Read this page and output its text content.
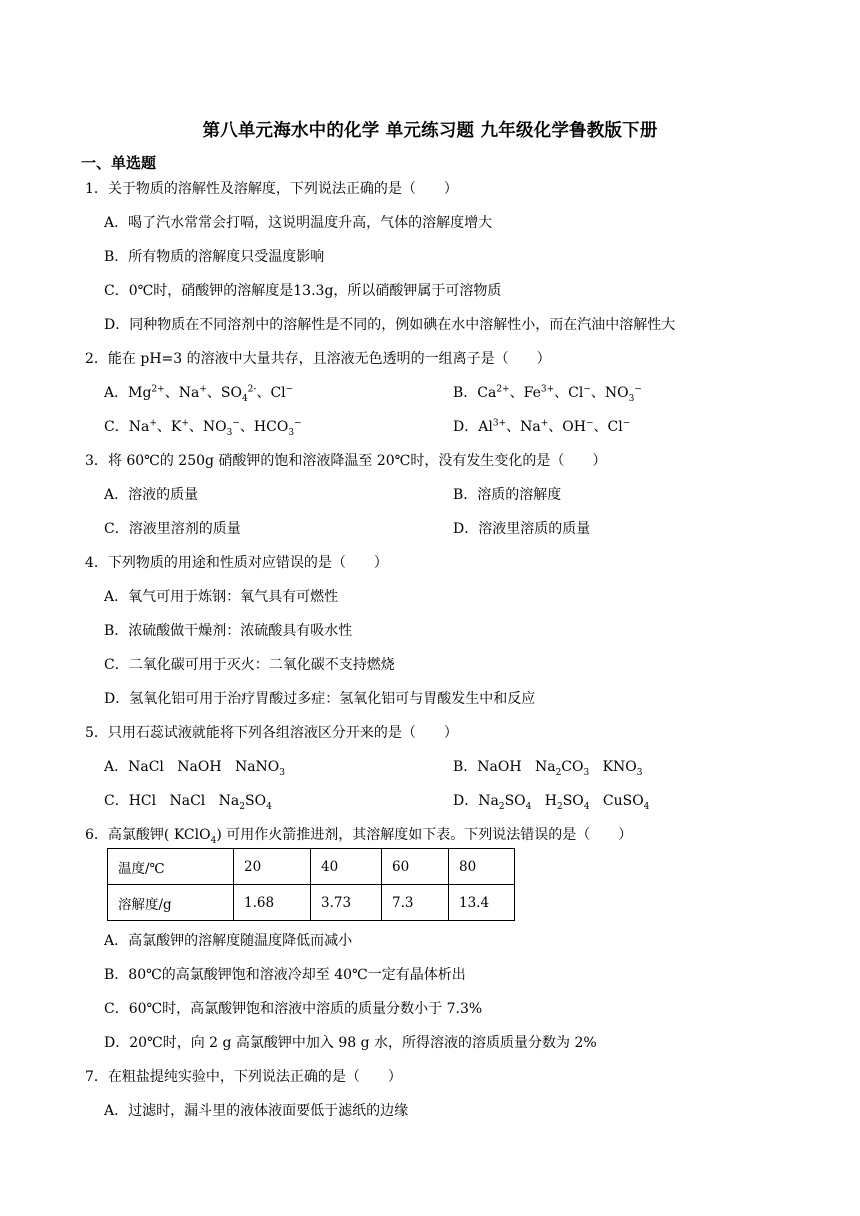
第八单元海水中的化学 单元练习题 九年级化学鲁教版下册
一、单选题
1．关于物质的溶解性及溶解度，下列说法正确的是（　　）
A．喝了汽水常常会打嗝，这说明温度升高，气体的溶解度增大
B．所有物质的溶解度只受温度影响
C．0℃时，硝酸钾的溶解度是13.3g，所以硝酸钾属于可溶物质
D．同种物质在不同溶剂中的溶解性是不同的，例如碘在水中溶解性小，而在汽油中溶解性大
2．能在 pH=3 的溶液中大量共存，且溶液无色透明的一组离子是（　　）
A．$Mg^{2+}$、Na+、$SO_4^{2-}$、Cl−	B．$Ca^{2+}$、$Fe^{3+}$、Cl−、$NO_3^-$
C．Na+、K+、$NO_3^-$、$HCO_3^-$	D．$Al^{3+}$、Na+、OH−、Cl−
3．将 60℃的 250g 硝酸钾的饱和溶液降温至 20℃时，没有发生变化的是（　　）
A．溶液的质量	B．溶质的溶解度
C．溶液里溶剂的质量	D．溶液里溶质的质量
4．下列物质的用途和性质对应错误的是（　　）
A．氧气可用于炼钢：氧气具有可燃性
B．浓硫酸做干燥剂：浓硫酸具有吸水性
C．二氧化碳可用于灭火：二氧化碳不支持燃烧
D．氢氧化铝可用于治疗胃酸过多症：氢氧化铝可与胃酸发生中和反应
5．只用石蕊试液就能将下列各组溶液区分开来的是（　　）
A．NaCl NaOH NaNO$_3$	B．NaOH $Na_2CO_3$ $KNO_3$
C．HCl NaCl $Na_2SO_4$	D．$Na_2SO_4$ $H_2SO_4$ CuSO$_4$
6．高氯酸钾( KClO$_4$) 可用作火箭推进剂，其溶解度如下表。下列说法错误的是（　　）
温度/℃	20	40	60	80
溶解度/g	1.68	3.73	7.3	13.4
A．高氯酸钾的溶解度随温度降低而减小
B．80℃的高氯酸钾饱和溶液冷却至 40℃一定有晶体析出
C．60℃时，高氯酸钾饱和溶液中溶质的质量分数小于 7.3%
D．20℃时，向 2 g 高氯酸钾中加入 98 g 水，所得溶液的溶质质量分数为 2%
7．在粗盐提纯实验中，下列说法正确的是（　　）
A．过滤时，漏斗里的液体液面要低于滤纸的边缘
